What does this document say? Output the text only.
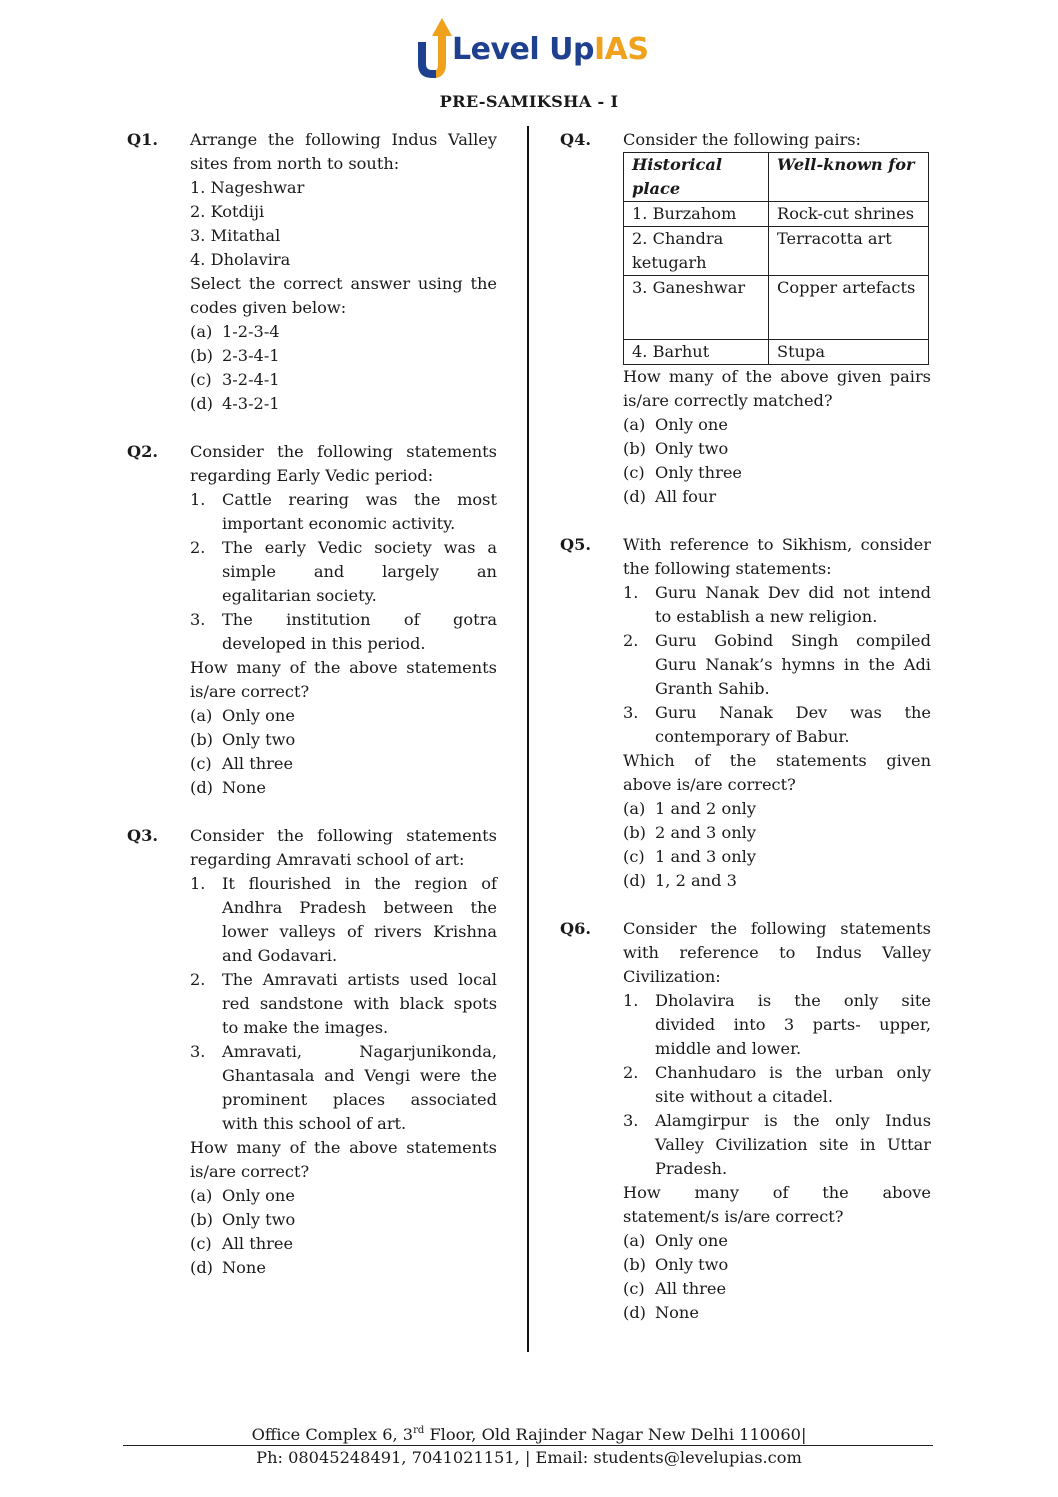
Level UpIAS
PRE-SAMIKSHA - I
Q1. Arrange the following Indus Valley
sites from north to south:
1. Nageshwar
2. Kotdiji
3. Mitathal
4. Dholavira
Select the correct answer using the
codes given below:
(a) 1-2-3-4
(b) 2-3-4-1
(c) 3-2-4-1
(d) 4-3-2-1
Q2. Consider the following statements
regarding Early Vedic period:
1. Cattle rearing was the most
important economic activity.
2. The early Vedic society was a
simple and largely an
egalitarian society.
3. The institution of gotra
developed in this period.
How many of the above statements
is/are correct?
(a) Only one
(b) Only two
(c) All three
(d) None
Q3. Consider the following statements
regarding Amravati school of art:
1. It flourished in the region of
Andhra Pradesh between the
lower valleys of rivers Krishna
and Godavari.
2. The Amravati artists used local
red sandstone with black spots
to make the images.
3. Amravati, Nagarjunikonda,
Ghantasala and Vengi were the
prominent places associated
with this school of art.
How many of the above statements
is/are correct?
(a) Only one
(b) Only two
(c) All three
(d) None
Q4. Consider the following pairs:
Historical place	Well-known for
1. Burzahom	Rock-cut shrines
2. Chandra ketugarh	Terracotta art
3. Ganeshwar	Copper artefacts
4. Barhut	Stupa
How many of the above given pairs
is/are correctly matched?
(a) Only one
(b) Only two
(c) Only three
(d) All four
Q5. With reference to Sikhism, consider
the following statements:
1. Guru Nanak Dev did not intend
to establish a new religion.
2. Guru Gobind Singh compiled
Guru Nanak’s hymns in the Adi
Granth Sahib.
3. Guru Nanak Dev was the
contemporary of Babur.
Which of the statements given
above is/are correct?
(a) 1 and 2 only
(b) 2 and 3 only
(c) 1 and 3 only
(d) 1, 2 and 3
Q6. Consider the following statements
with reference to Indus Valley
Civilization:
1. Dholavira is the only site
divided into 3 parts- upper,
middle and lower.
2. Chanhudaro is the urban only
site without a citadel.
3. Alamgirpur is the only Indus
Valley Civilization site in Uttar
Pradesh.
How many of the above
statement/s is/are correct?
(a) Only one
(b) Only two
(c) All three
(d) None
Office Complex 6, 3rd Floor, Old Rajinder Nagar New Delhi 110060|
Ph: 08045248491, 7041021151, | Email: students@levelupias.com
